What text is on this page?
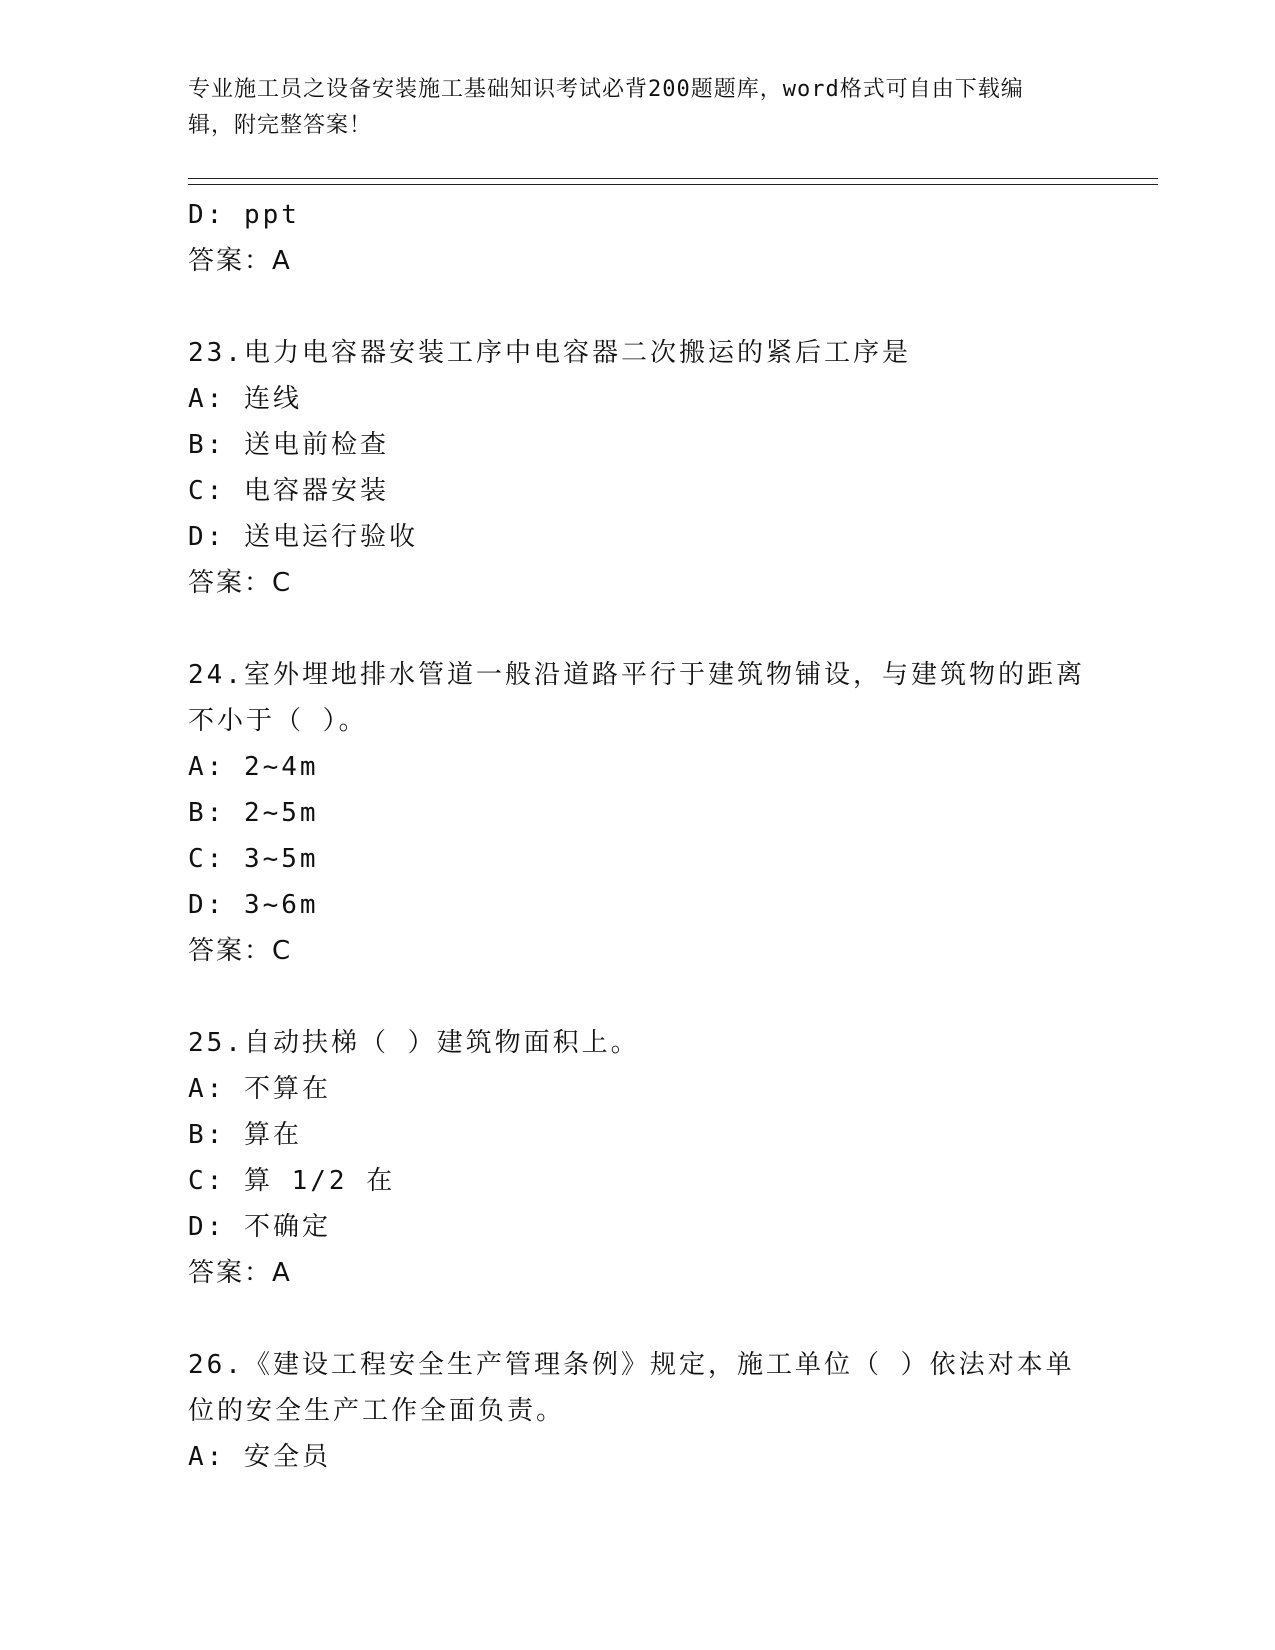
专业施工员之设备安装施工基础知识考试必背200题题库，word格式可自由下载编辑，附完整答案！
D: ppt
答案：A
23.电力电容器安装工序中电容器二次搬运的紧后工序是
A: 连线
B: 送电前检查
C: 电容器安装
D: 送电运行验收
答案：C
24.室外埋地排水管道一般沿道路平行于建筑物铺设，与建筑物的距离
不小于（ ）。
A: 2~4m
B: 2~5m
C: 3~5m
D: 3~6m
答案：C
25.自动扶梯（ ）建筑物面积上。
A: 不算在
B: 算在
C: 算 1/2 在
D: 不确定
答案：A
26.《建设工程安全生产管理条例》规定，施工单位（ ）依法对本单
位的安全生产工作全面负责。
A: 安全员
